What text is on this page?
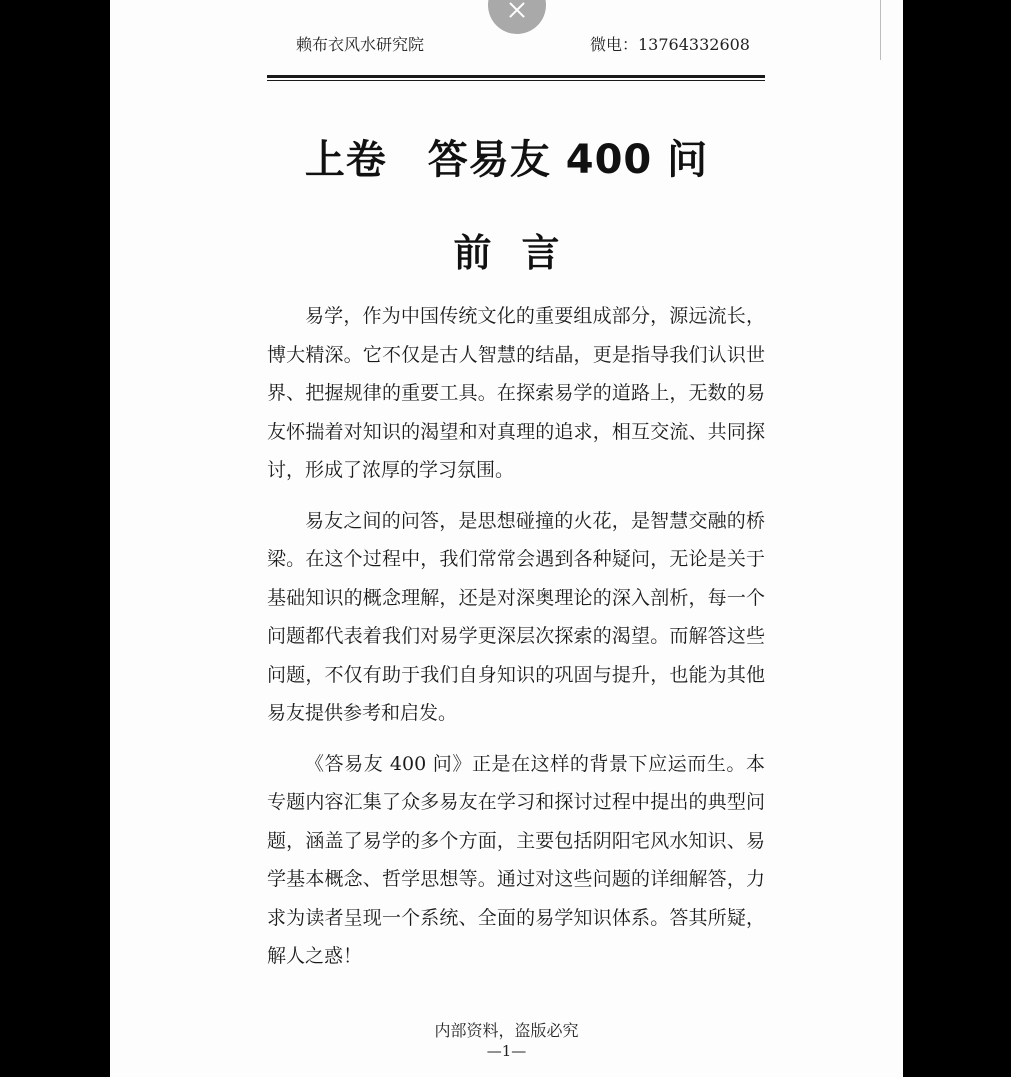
赖布衣风水研究院	微电：13764332608
上卷　答易友 400 问
前言

易学，作为中国传统文化的重要组成部分，源远流长，博大精深。它不仅是古人智慧的结晶，更是指导我们认识世界、把握规律的重要工具。在探索易学的道路上，无数的易友怀揣着对知识的渴望和对真理的追求，相互交流、共同探讨，形成了浓厚的学习氛围。

易友之间的问答，是思想碰撞的火花，是智慧交融的桥梁。在这个过程中，我们常常会遇到各种疑问，无论是关于基础知识的概念理解，还是对深奥理论的深入剖析，每一个问题都代表着我们对易学更深层次探索的渴望。而解答这些问题，不仅有助于我们自身知识的巩固与提升，也能为其他易友提供参考和启发。

《答易友 400 问》正是在这样的背景下应运而生。本专题内容汇集了众多易友在学习和探讨过程中提出的典型问题，涵盖了易学的多个方面，主要包括阴阳宅风水知识、易学基本概念、哲学思想等。通过对这些问题的详细解答，力求为读者呈现一个系统、全面的易学知识体系。答其所疑，解人之惑！

内部资料，盗版必究
—1—
